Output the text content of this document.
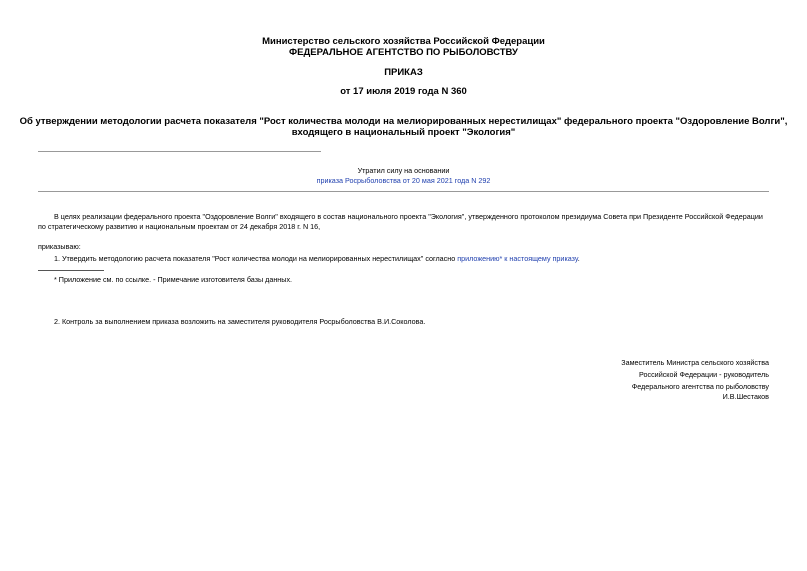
Министерство сельского хозяйства Российской Федерации
ФЕДЕРАЛЬНОЕ АГЕНТСТВО ПО РЫБОЛОВСТВУ
ПРИКАЗ
от 17 июля 2019 года N 360
Об утверждении методологии расчета показателя "Рост количества молоди на мелиорированных нерестилищах" федерального проекта "Оздоровление Волги",
входящего в национальный проект "Экология"
Утратил силу на основании
приказа Росрыболовства от 20 мая 2021 года N 292
В целях реализации федерального проекта "Оздоровление Волги" входящего в состав национального проекта "Экология", утвержденного протоколом президиума Совета при Президенте Российской Федерации
по стратегическому развитию и национальным проектам от 24 декабря 2018 г. N 16,
приказываю:
1. Утвердить методологию расчета показателя "Рост количества молоди на мелиорированных нерестилищах" согласно приложению* к настоящему приказу.
* Приложение см. по ссылке. - Примечание изготовителя базы данных.
2. Контроль за выполнением приказа возложить на заместителя руководителя Росрыболовства В.И.Соколова.
Заместитель Министра сельского хозяйства
Российской Федерации - руководитель
Федерального агентства по рыболовству
И.В.Шестаков
